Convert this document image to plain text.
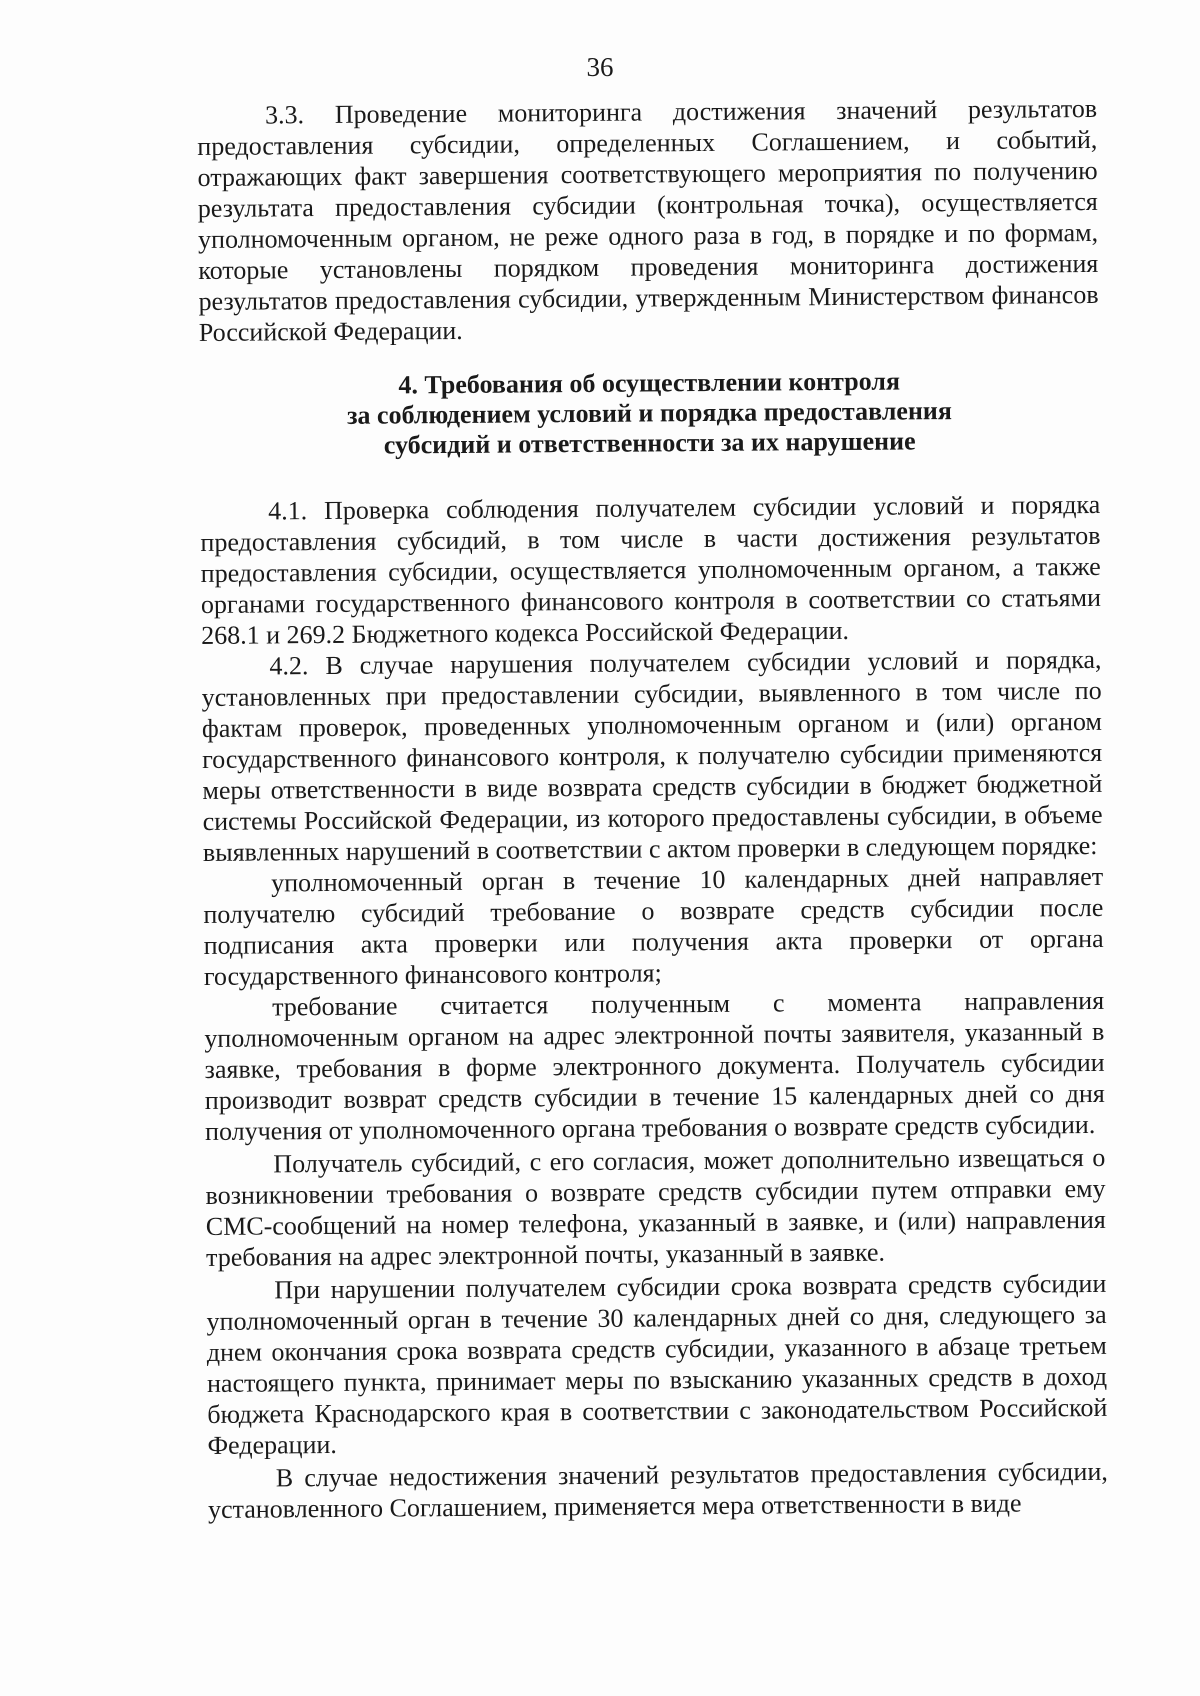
36

3.3. Проведение мониторинга достижения значений результатов предоставления субсидии, определенных Соглашением, и событий, отражающих факт завершения соответствующего мероприятия по получению результата предоставления субсидии (контрольная точка), осуществляется уполномоченным органом, не реже одного раза в год, в порядке и по формам, которые установлены порядком проведения мониторинга достижения результатов предоставления субсидии, утвержденным Министерством финансов Российской Федерации.

4. Требования об осуществлении контроля
за соблюдением условий и порядка предоставления
субсидий и ответственности за их нарушение

4.1. Проверка соблюдения получателем субсидии условий и порядка предоставления субсидий, в том числе в части достижения результатов предоставления субсидии, осуществляется уполномоченным органом, а также органами государственного финансового контроля в соответствии со статьями 268.1 и 269.2 Бюджетного кодекса Российской Федерации.

4.2. В случае нарушения получателем субсидии условий и порядка, установленных при предоставлении субсидии, выявленного в том числе по фактам проверок, проведенных уполномоченным органом и (или) органом государственного финансового контроля, к получателю субсидии применяются меры ответственности в виде возврата средств субсидии в бюджет бюджетной системы Российской Федерации, из которого предоставлены субсидии, в объеме выявленных нарушений в соответствии с актом проверки в следующем порядке:

уполномоченный орган в течение 10 календарных дней направляет получателю субсидий требование о возврате средств субсидии после подписания акта проверки или получения акта проверки от органа государственного финансового контроля;

требование считается полученным с момента направления уполномоченным органом на адрес электронной почты заявителя, указанный в заявке, требования в форме электронного документа. Получатель субсидии производит возврат средств субсидии в течение 15 календарных дней со дня получения от уполномоченного органа требования о возврате средств субсидии.

Получатель субсидий, с его согласия, может дополнительно извещаться о возникновении требования о возврате средств субсидии путем отправки ему СМС-сообщений на номер телефона, указанный в заявке, и (или) направления требования на адрес электронной почты, указанный в заявке.

При нарушении получателем субсидии срока возврата средств субсидии уполномоченный орган в течение 30 календарных дней со дня, следующего за днем окончания срока возврата средств субсидии, указанного в абзаце третьем настоящего пункта, принимает меры по взысканию указанных средств в доход бюджета Краснодарского края в соответствии с законодательством Российской Федерации.

В случае недостижения значений результатов предоставления субсидии, установленного Соглашением, применяется мера ответственности в виде
